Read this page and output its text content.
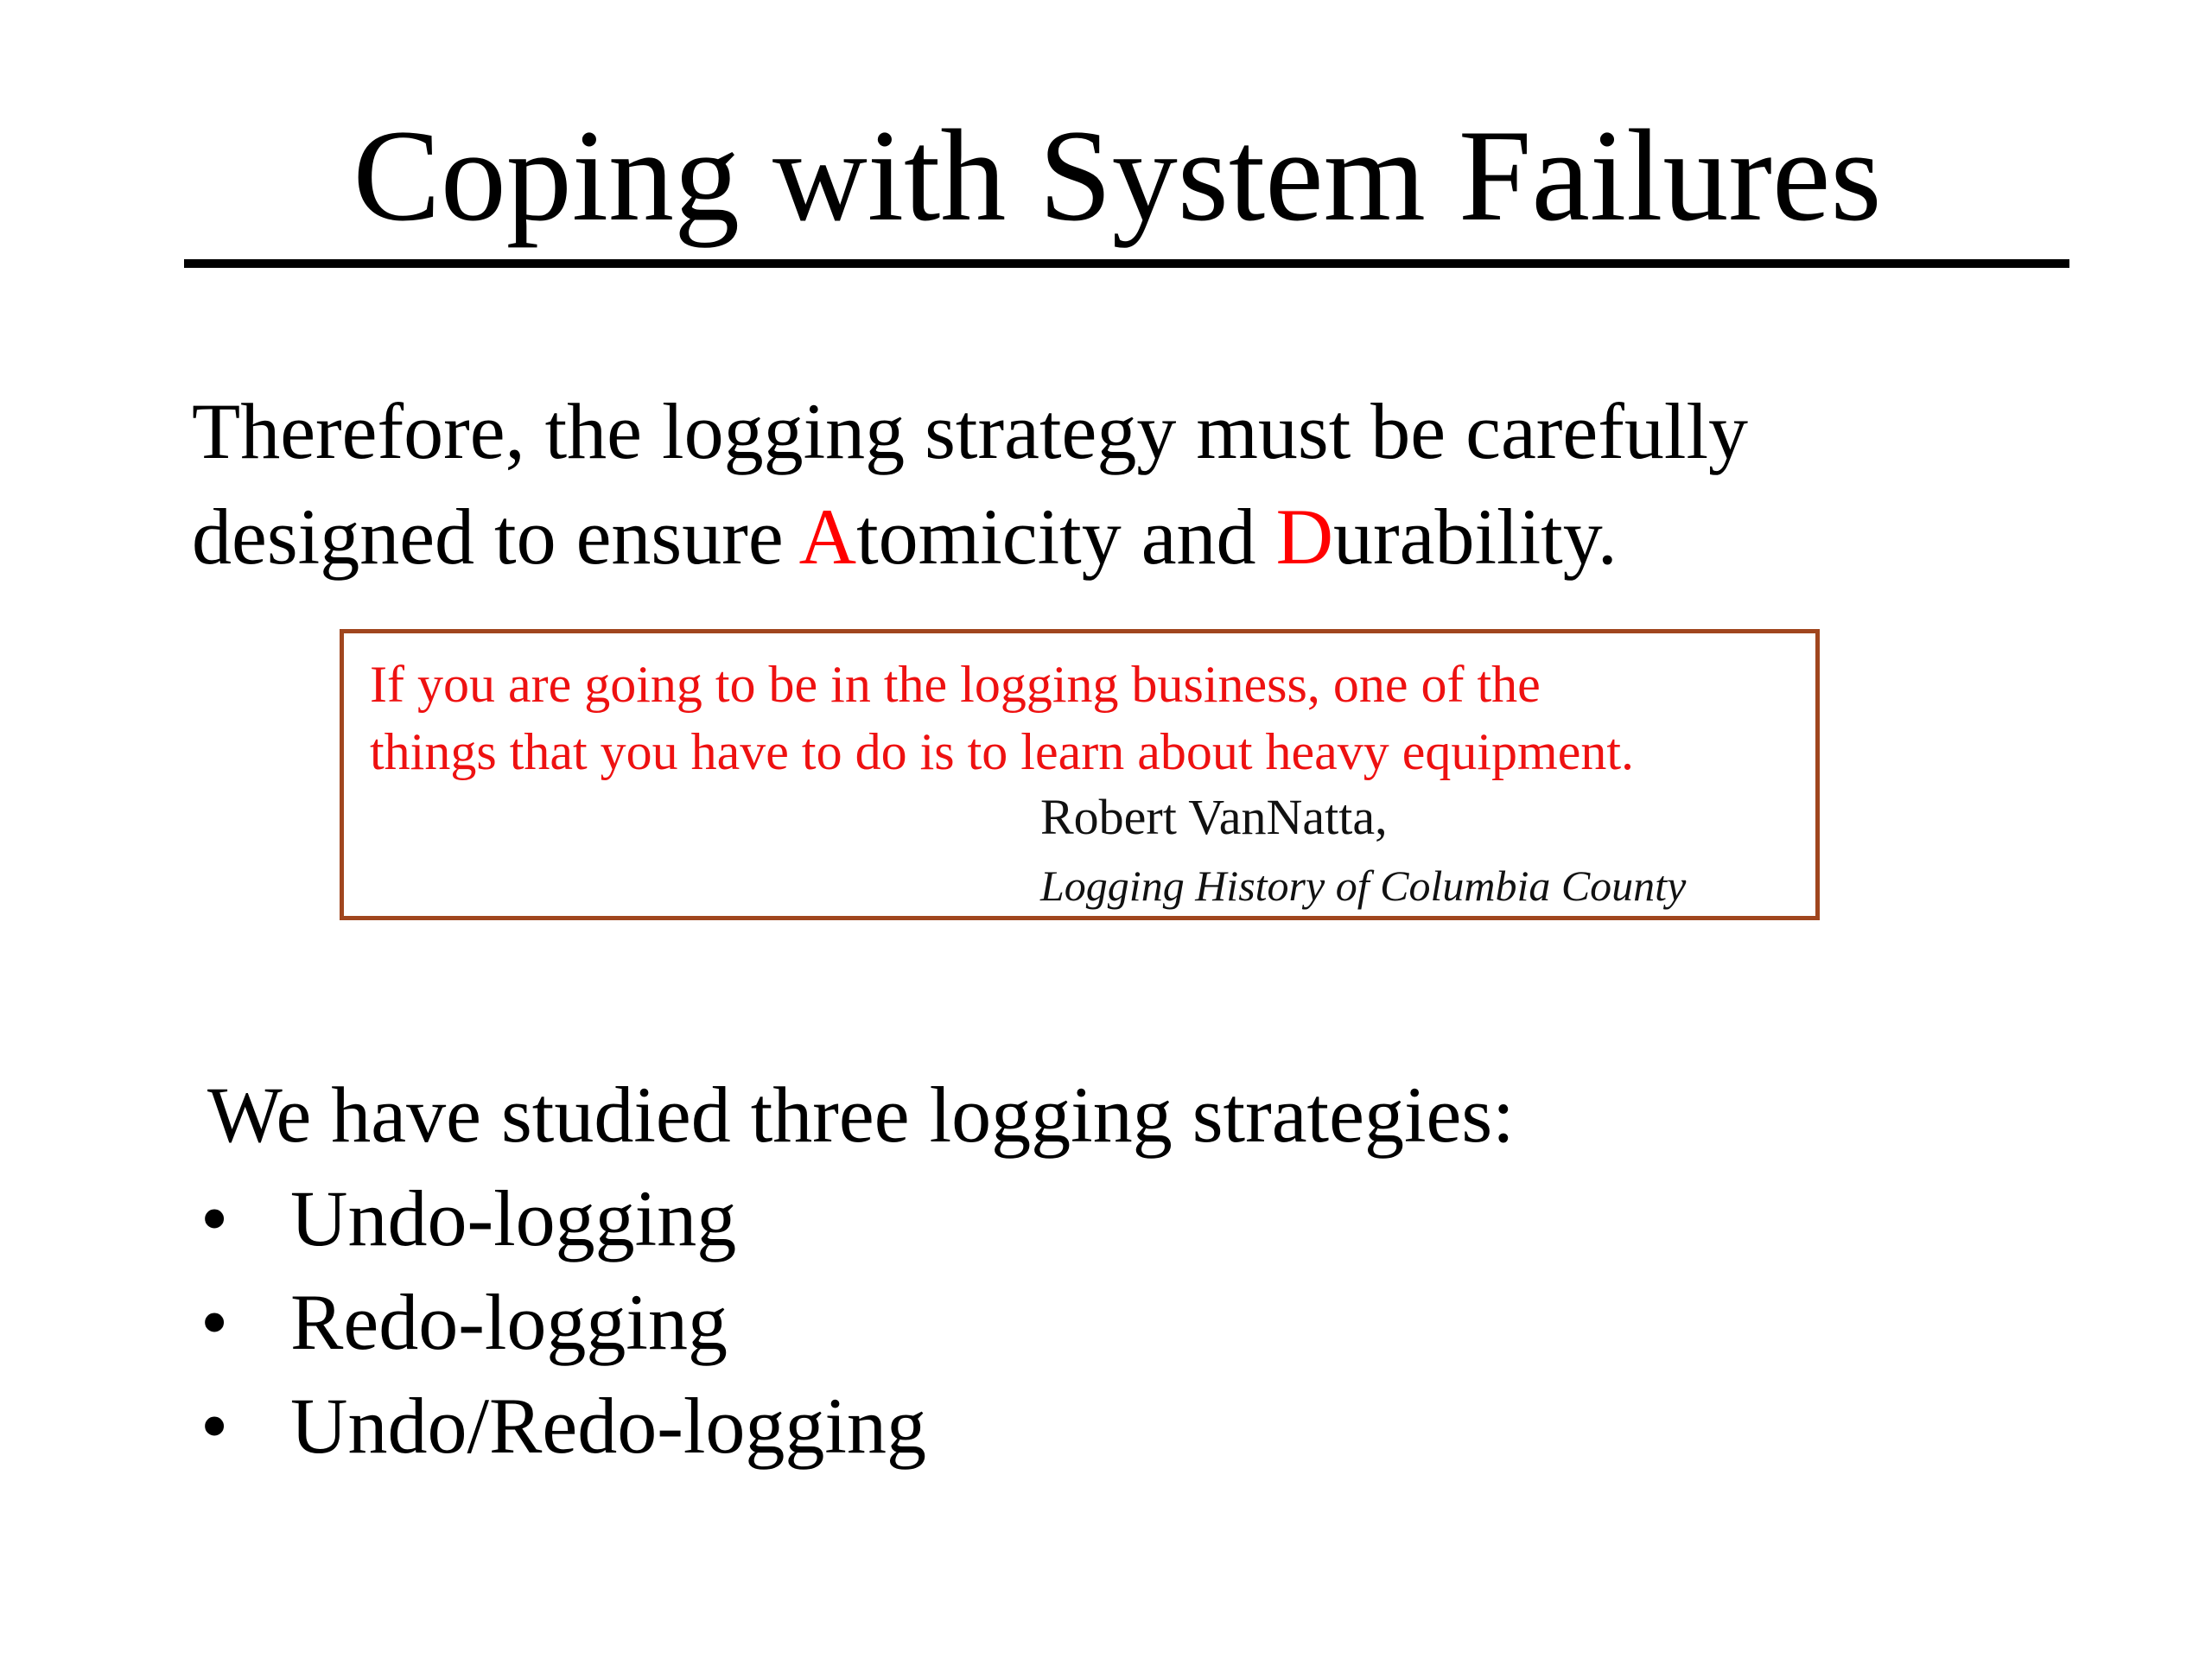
Coping with System Failures

Therefore, the logging strategy must be carefully
designed to ensure Atomicity and Durability.

If you are going to be in the logging business, one of the
things that you have to do is to learn about heavy equipment.

Robert VanNatta,
Logging History of Columbia County

We have studied three logging strategies:

• Undo-logging
• Redo-logging
• Undo/Redo-logging
